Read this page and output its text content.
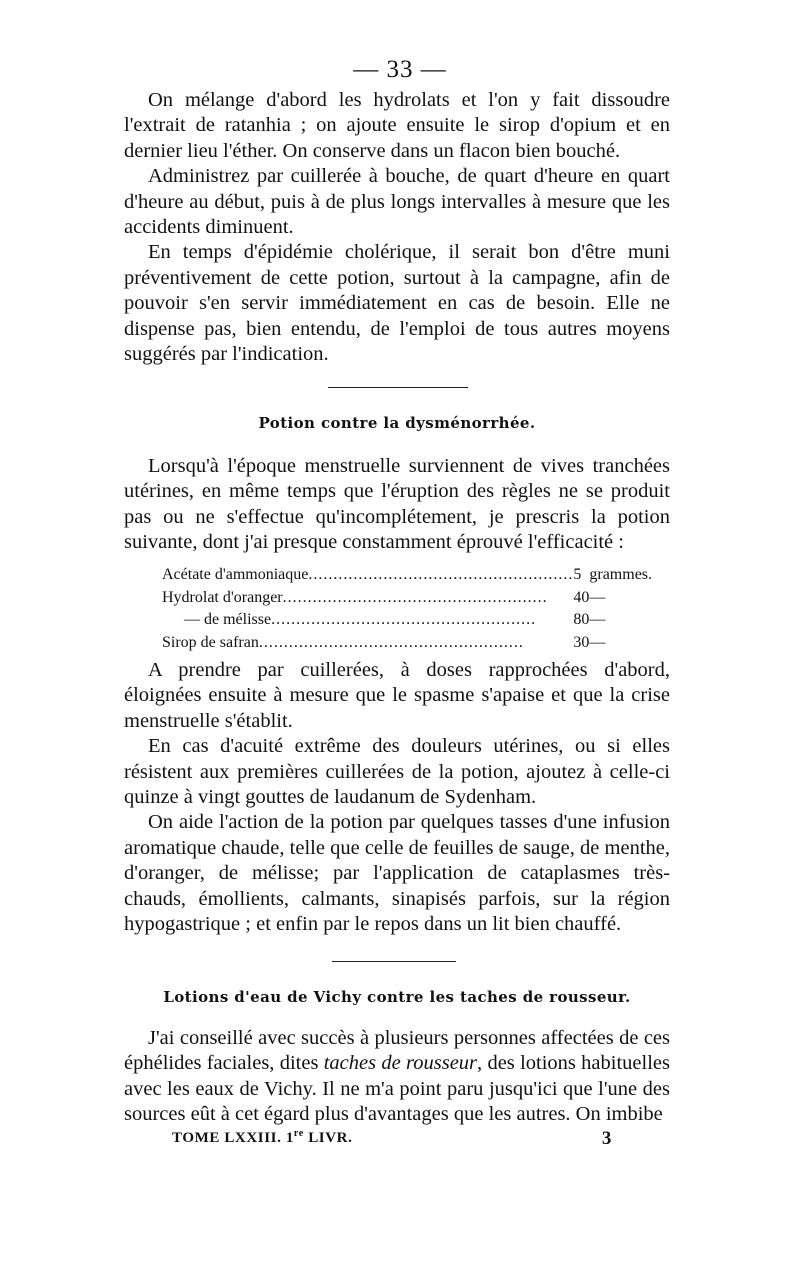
— 33 —

On mélange d'abord les hydrolats et l'on y fait dissoudre l'extrait de ratanhia ; on ajoute ensuite le sirop d'opium et en dernier lieu l'éther. On conserve dans un flacon bien bouché.

Administrez par cuillerée à bouche, de quart d'heure en quart d'heure au début, puis à de plus longs intervalles à mesure que les accidents diminuent.

En temps d'épidémie cholérique, il serait bon d'être muni préventivement de cette potion, surtout à la campagne, afin de pouvoir s'en servir immédiatement en cas de besoin. Elle ne dispense pas, bien entendu, de l'emploi de tous autres moyens suggérés par l'indication.

Potion contre la dysménorrhée.

Lorsqu'à l'époque menstruelle surviennent de vives tranchées utérines, en même temps que l'éruption des règles ne se produit pas ou ne s'effectue qu'incomplétement, je prescris la potion suivante, dont j'ai presque constamment éprouvé l'efficacité :

Acétate d'ammoniaque.....................................................	5	grammes.
Hydrolat d'oranger.....................................................	40	—
— de mélisse.....................................................	80	—
Sirop de safran.....................................................	30	—

A prendre par cuillerées, à doses rapprochées d'abord, éloignées ensuite à mesure que le spasme s'apaise et que la crise menstruelle s'établit.

En cas d'acuité extrême des douleurs utérines, ou si elles résistent aux premières cuillerées de la potion, ajoutez à celle-ci quinze à vingt gouttes de laudanum de Sydenham.

On aide l'action de la potion par quelques tasses d'une infusion aromatique chaude, telle que celle de feuilles de sauge, de menthe, d'oranger, de mélisse; par l'application de cataplasmes très-chauds, émollients, calmants, sinapisés parfois, sur la région hypogastrique ; et enfin par le repos dans un lit bien chauffé.

Lotions d'eau de Vichy contre les taches de rousseur.

J'ai conseillé avec succès à plusieurs personnes affectées de ces éphélides faciales, dites taches de rousseur, des lotions habituelles avec les eaux de Vichy. Il ne m'a point paru jusqu'ici que l'une des sources eût à cet égard plus d'avantages que les autres. On imbibe

TOME LXXIII. 1re LIVR.	3
